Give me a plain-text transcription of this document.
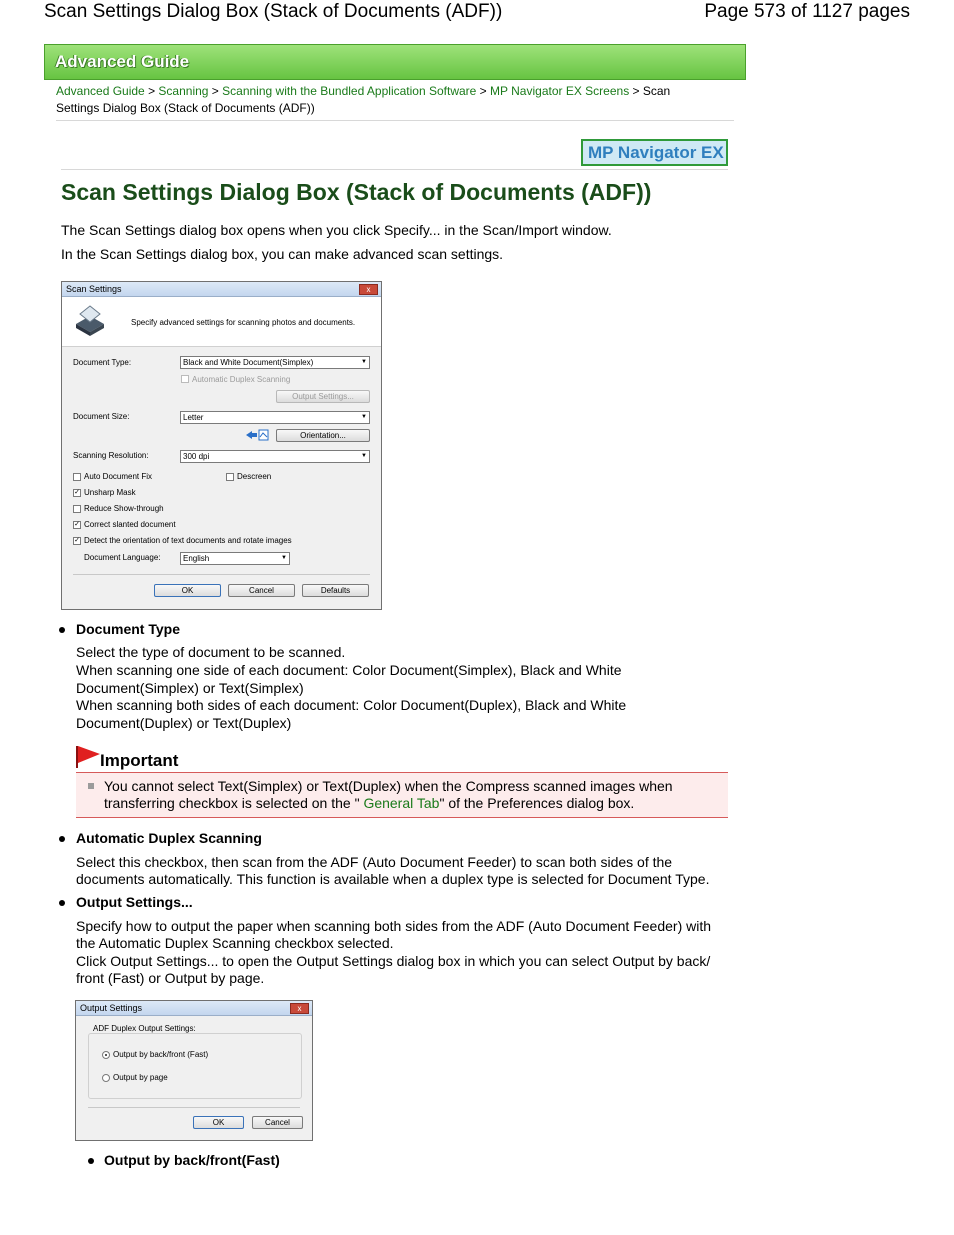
Scan Settings Dialog Box (Stack of Documents (ADF))	Page 573 of 1127 pages
Advanced Guide
Advanced Guide > Scanning > Scanning with the Bundled Application Software > MP Navigator EX Screens > Scan Settings Dialog Box (Stack of Documents (ADF))
MP Navigator EX
Scan Settings Dialog Box (Stack of Documents (ADF))
The Scan Settings dialog box opens when you click Specify... in the Scan/Import window.
In the Scan Settings dialog box, you can make advanced scan settings.
Scan Settings	x
Specify advanced settings for scanning photos and documents.
Document Type:	Black and White Document(Simplex) ▼
Automatic Duplex Scanning
Output Settings...
Document Size:	Letter ▼
Orientation...
Scanning Resolution:	300 dpi ▼
Auto Document Fix	Descreen
✓ Unsharp Mask
Reduce Show-through
✓ Correct slanted document
✓ Detect the orientation of text documents and rotate images
Document Language:	English ▼
OK	Cancel	Defaults
Document Type
Select the type of document to be scanned.
When scanning one side of each document: Color Document(Simplex), Black and White
Document(Simplex) or Text(Simplex)
When scanning both sides of each document: Color Document(Duplex), Black and White
Document(Duplex) or Text(Duplex)
Important
You cannot select Text(Simplex) or Text(Duplex) when the Compress scanned images when
transferring checkbox is selected on the " General Tab" of the Preferences dialog box.
Automatic Duplex Scanning
Select this checkbox, then scan from the ADF (Auto Document Feeder) to scan both sides of the
documents automatically. This function is available when a duplex type is selected for Document Type.
Output Settings...
Specify how to output the paper when scanning both sides from the ADF (Auto Document Feeder) with
the Automatic Duplex Scanning checkbox selected.
Click Output Settings... to open the Output Settings dialog box in which you can select Output by back/
front (Fast) or Output by page.
Output Settings	x
ADF Duplex Output Settings:
Output by back/front (Fast)
Output by page
OK	Cancel
Output by back/front(Fast)
